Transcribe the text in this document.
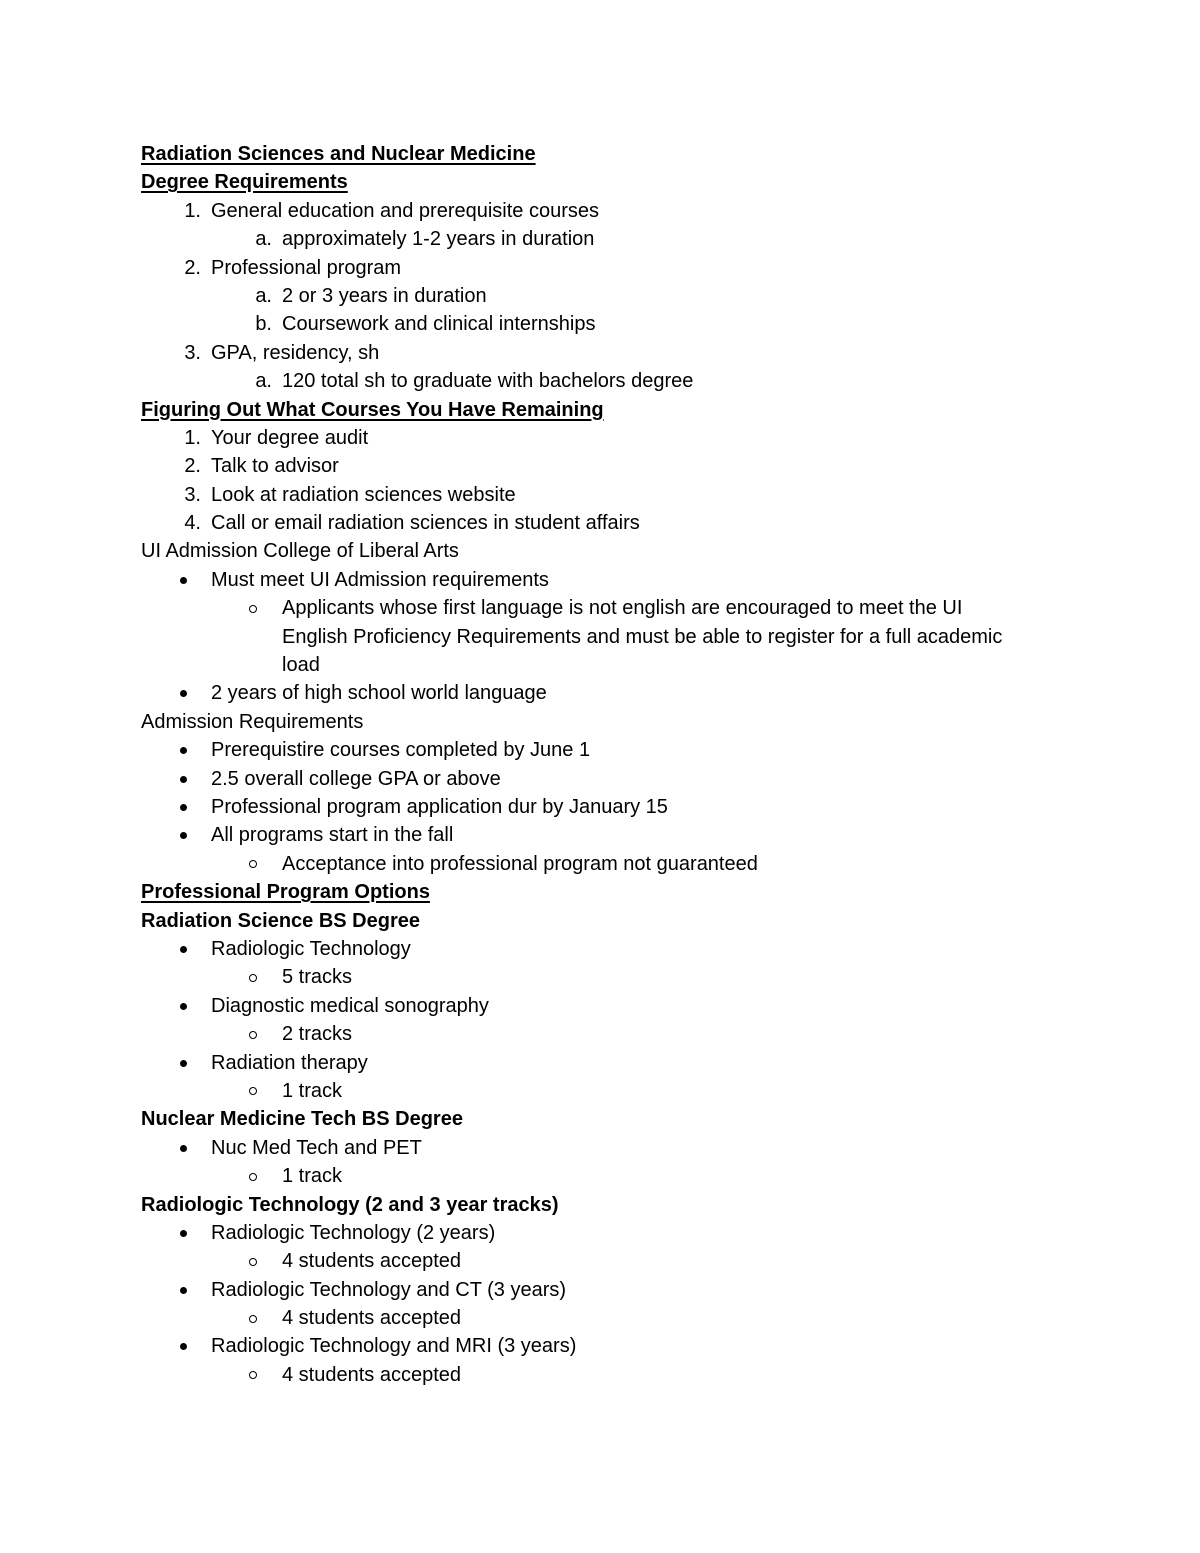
Radiation Sciences and Nuclear Medicine
Degree Requirements
1. General education and prerequisite courses
a. approximately 1-2 years in duration
2. Professional program
a. 2 or 3 years in duration
b. Coursework and clinical internships
3. GPA, residency, sh
a. 120 total sh to graduate with bachelors degree
Figuring Out What Courses You Have Remaining
1. Your degree audit
2. Talk to advisor
3. Look at radiation sciences website
4. Call or email radiation sciences in student affairs
UI Admission College of Liberal Arts
Must meet UI Admission requirements
Applicants whose first language is not english are encouraged to meet the UI English Proficiency Requirements and must be able to register for a full academic load
2 years of high school world language
Admission Requirements
Prerequistire courses completed by June 1
2.5 overall college GPA or above
Professional program application dur by January 15
All programs start in the fall
Acceptance into professional program not guaranteed
Professional Program Options
Radiation Science BS Degree
Radiologic Technology
5 tracks
Diagnostic medical sonography
2 tracks
Radiation therapy
1 track
Nuclear Medicine Tech BS Degree
Nuc Med Tech and PET
1 track
Radiologic Technology (2 and 3 year tracks)
Radiologic Technology (2 years)
4 students accepted
Radiologic Technology and CT (3 years)
4 students accepted
Radiologic Technology and MRI (3 years)
4 students accepted
